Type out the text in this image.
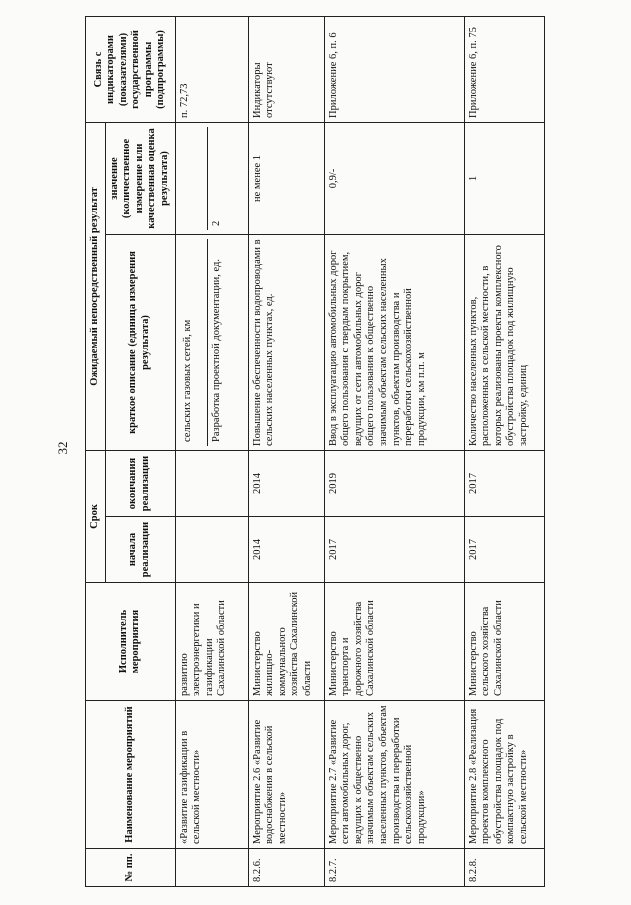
32
№ пп.	Наименование мероприятий	Исполнитель мероприятия	Срок		Ожидаемый непосредственный результат		Связь с индикаторами (показателями) государственной программы (подпрограммы)
			начала реализации	окончания реализации	краткое описание (единица измерения результата)	значение (количественное измерение или качественная оценка результата)	
	«Развитие газификации в сельской местности»	развитию электроэнергетики и газификации Сахалинской области			сельских газовых сетей, км Разработка проектной документации, ед.	2	п. 72,73
8.2.6.	Мероприятие 2.6 «Развитие водоснабжения в сельской местности»	Министерство жилищно-коммунального хозяйства Сахалинской области	2014	2014	Повышение обеспеченности водопроводами в сельских населенных пунктах, ед.	не менее 1	Индикаторы отсутствуют
8.2.7.	Мероприятие 2.7 «Развитие сети автомобильных дорог, ведущих к общественно значимым объектам сельских населенных пунктов, объектам производства и переработки сельскохозяйственной продукции»	Министерство транспорта и дорожного хозяйства Сахалинской области	2017	2019	Ввод в эксплуатацию автомобильных дорог общего пользования с твердым покрытием, ведущих от сети автомобильных дорог общего пользования к общественно значимым объектам сельских населенных пунктов, объектам производства и переработки сельскохозяйственной продукции, км п.п. м	0,9/-	Приложение 6, п. 6
8.2.8.	Мероприятие 2.8 «Реализация проектов комплексного обустройства площадок под компактную застройку в сельской местности»	Министерство сельского хозяйства Сахалинской области	2017	2017	Количество населенных пунктов, расположенных в сельской местности, в которых реализованы проекты комплексного обустройства площадок под жилищную застройку, единиц	1	Приложение 6, п. 75
